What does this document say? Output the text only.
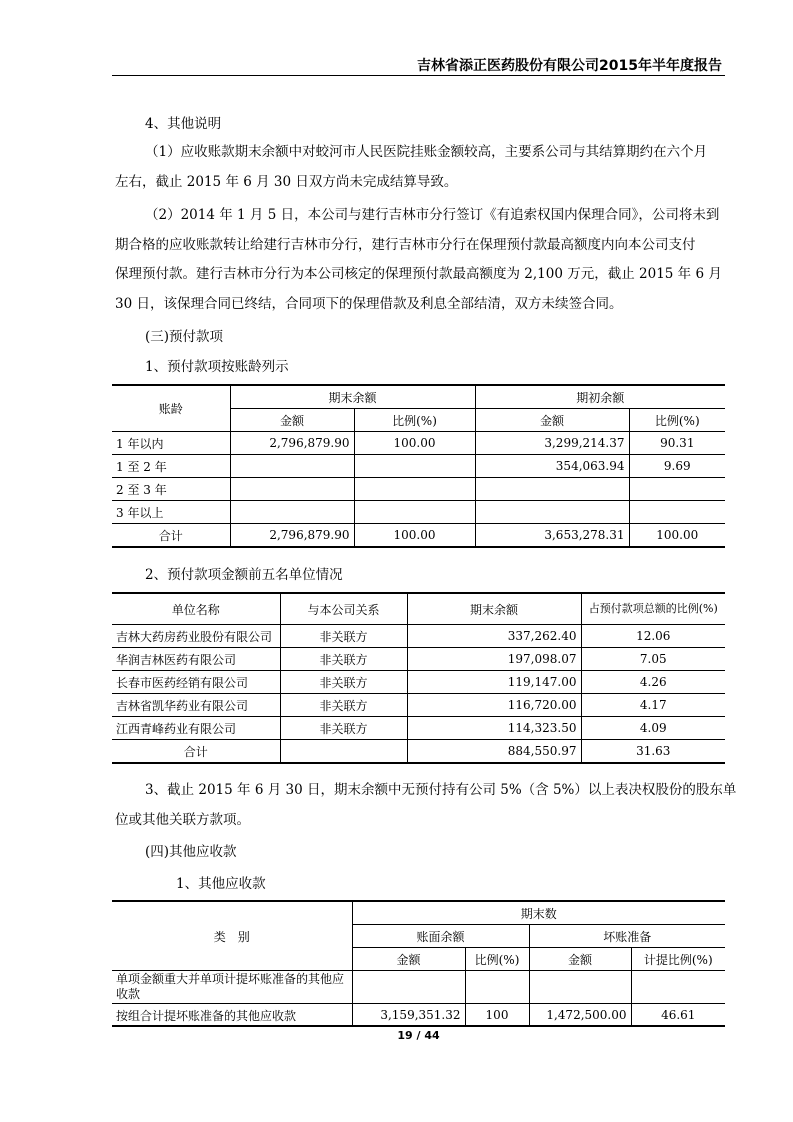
吉林省添正医药股份有限公司2015年半年度报告
4、其他说明
（1）应收账款期末余额中对蛟河市人民医院挂账金额较高，主要系公司与其结算期约在六个月
左右，截止 2015 年 6 月 30 日双方尚未完成结算导致。
（2）2014 年 1 月 5 日，本公司与建行吉林市分行签订《有追索权国内保理合同》，公司将未到
期合格的应收账款转让给建行吉林市分行，建行吉林市分行在保理预付款最高额度内向本公司支付
保理预付款。建行吉林市分行为本公司核定的保理预付款最高额度为 2,100 万元，截止 2015 年 6 月
30 日，该保理合同已终结，合同项下的保理借款及利息全部结清，双方未续签合同。
(三)预付款项
1、预付款项按账龄列示
账龄	期末余额		期初余额	
	金额	比例(%)	金额	比例(%)
1 年以内	2,796,879.90	100.00	3,299,214.37	90.31
1 至 2 年			354,063.94	9.69
2 至 3 年				
3 年以上				
合计	2,796,879.90	100.00	3,653,278.31	100.00
2、预付款项金额前五名单位情况
单位名称	与本公司关系	期末余额	占预付款项总额的比例(%)
吉林大药房药业股份有限公司	非关联方	337,262.40	12.06
华润吉林医药有限公司	非关联方	197,098.07	7.05
长春市医药经销有限公司	非关联方	119,147.00	4.26
吉林省凯华药业有限公司	非关联方	116,720.00	4.17
江西青峰药业有限公司	非关联方	114,323.50	4.09
合计		884,550.97	31.63
3、截止 2015 年 6 月 30 日，期末余额中无预付持有公司 5%（含 5%）以上表决权股份的股东单
位或其他关联方款项。
(四)其他应收款
1、其他应收款
类　别	期末数			
	账面余额		坏账准备	
	金额	比例(%)	金额	计提比例(%)
单项金额重大并单项计提坏账准备的其他应收款				
按组合计提坏账准备的其他应收款	3,159,351.32	100	1,472,500.00	46.61
19 / 44
